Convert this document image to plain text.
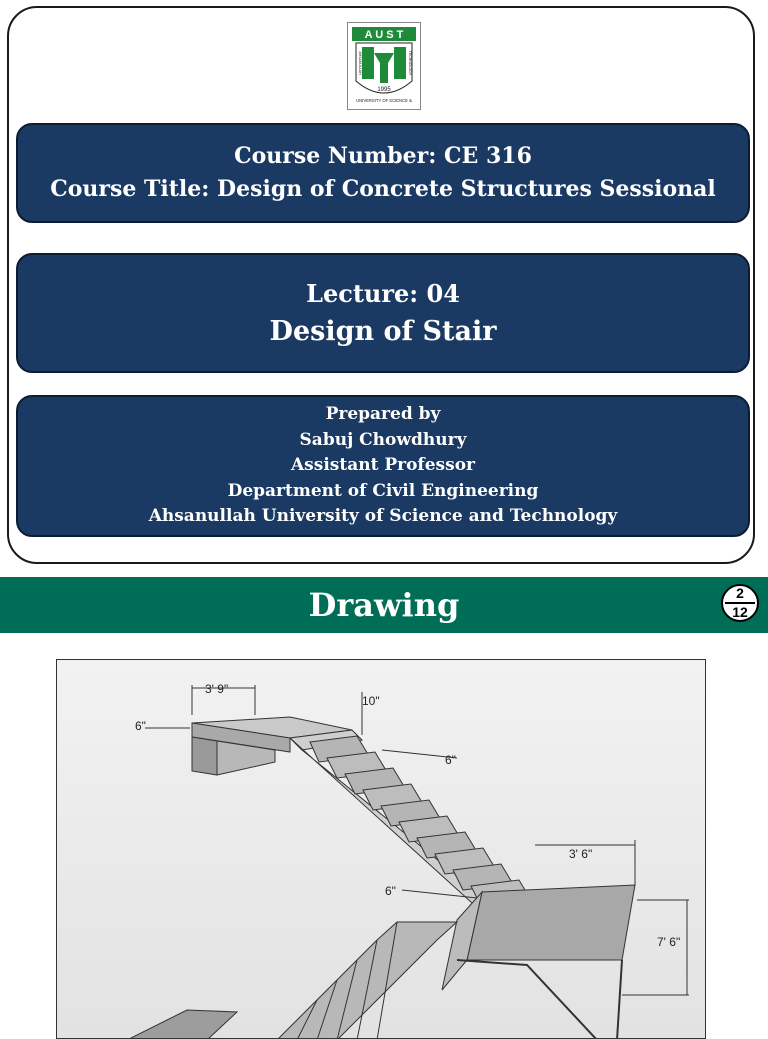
A U S T
1995
UNIVERSITY OF SCIENCE &
AHSANULLAH	TECHNOLOGY
Course Number: CE 316
Course Title: Design of Concrete Structures Sessional
Lecture: 04
Design of Stair
Prepared by
Sabuj Chowdhury
Assistant Professor
Department of Civil Engineering
Ahsanullah University of Science and Technology
Drawing	2
12
3' 9"
6"
10"
6"
6"
3' 6"
7' 6"
